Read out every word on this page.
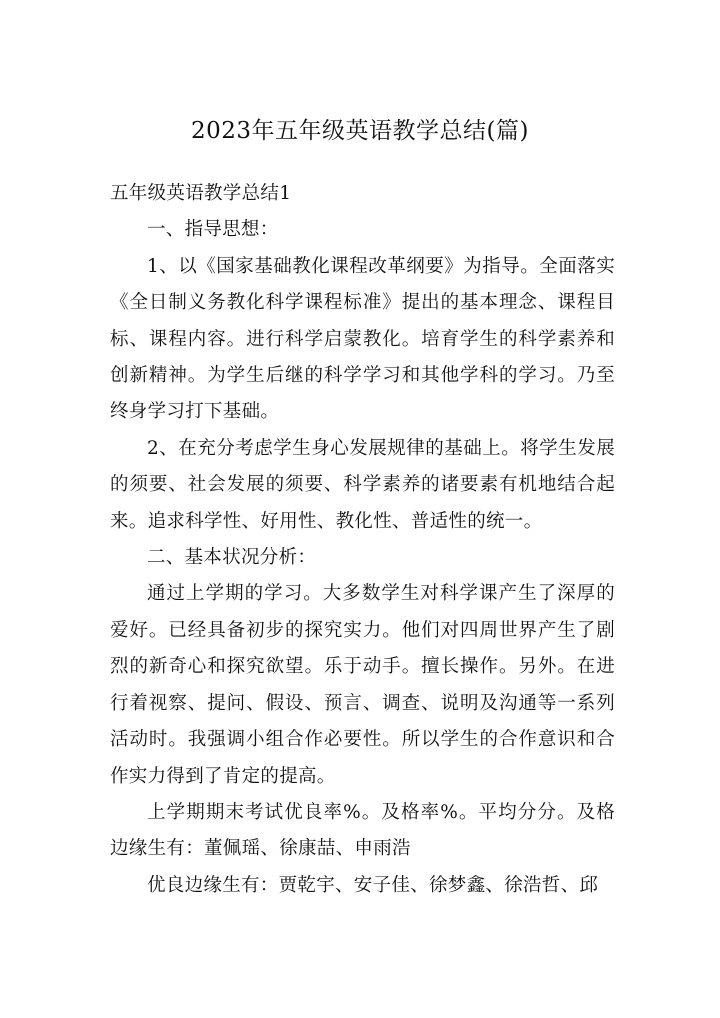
2023年五年级英语教学总结(篇)

五年级英语教学总结1

一、指导思想：

1、以《国家基础教化课程改革纲要》为指导。全面落实《全日制义务教化科学课程标准》提出的基本理念、课程目标、课程内容。进行科学启蒙教化。培育学生的科学素养和创新精神。为学生后继的科学学习和其他学科的学习。乃至终身学习打下基础。

2、在充分考虑学生身心发展规律的基础上。将学生发展的须要、社会发展的须要、科学素养的诸要素有机地结合起来。追求科学性、好用性、教化性、普适性的统一。

二、基本状况分析：

通过上学期的学习。大多数学生对科学课产生了深厚的爱好。已经具备初步的探究实力。他们对四周世界产生了剧烈的新奇心和探究欲望。乐于动手。擅长操作。另外。在进行着视察、提问、假设、预言、调查、说明及沟通等一系列活动时。我强调小组合作必要性。所以学生的合作意识和合作实力得到了肯定的提高。

上学期期末考试优良率%。及格率%。平均分分。及格边缘生有：董佩瑶、徐康喆、申雨浩

优良边缘生有：贾乾宇、安子佳、徐梦鑫、徐浩哲、邱
